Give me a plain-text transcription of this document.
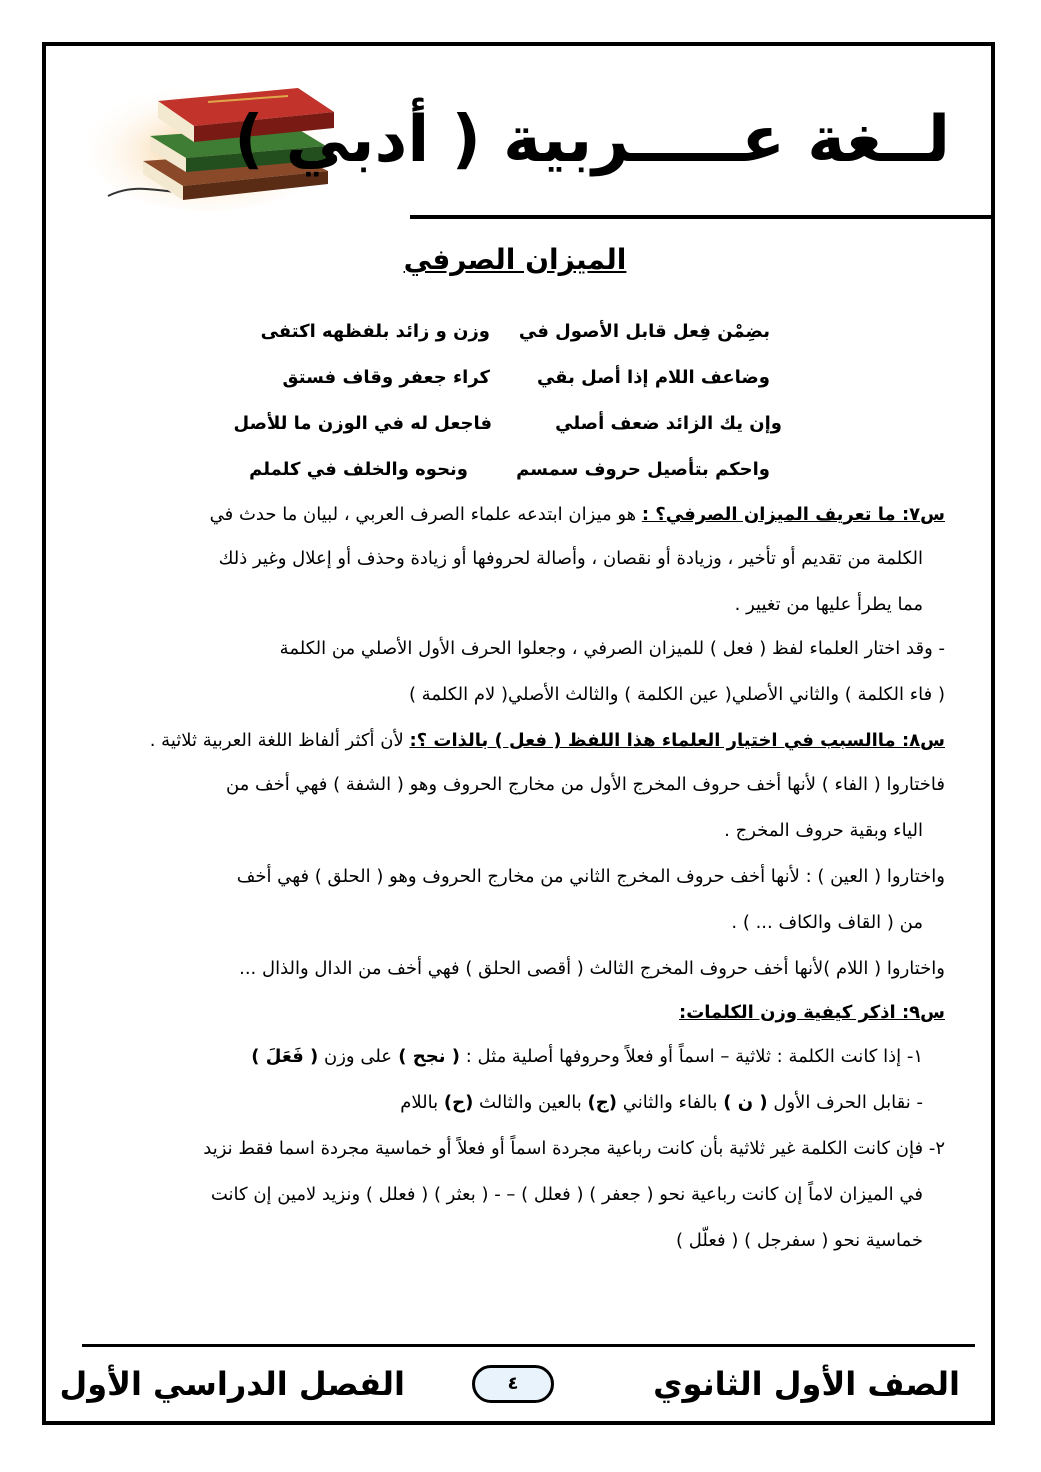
لــغة عـــــربية ( أدبي )
الميزان الصرفي
بضِمْن فِعل قابل الأصول في
وزن و زائد بلفظهه اكتفى
وضاعف اللام إذا أصل بقي
كراء جعفر وقاف فستق
وإن يك الزائد ضعف أصلي
فاجعل له في الوزن ما للأصل
واحكم بتأصيل حروف سمسم
ونحوه والخلف في كلملم
س٧: ما تعريف الميزان الصرفي؟ : هو ميزان ابتدعه علماء الصرف العربي ، لبيان ما حدث في
الكلمة من تقديم أو تأخير ، وزيادة أو نقصان ، وأصالة لحروفها أو زيادة وحذف أو إعلال وغير ذلك
مما يطرأ عليها من تغيير .
- وقد اختار العلماء لفظ ( فعل ) للميزان الصرفي ، وجعلوا الحرف الأول الأصلي من الكلمة
( فاء الكلمة ) والثاني الأصلي( عين الكلمة ) والثالث الأصلي( لام الكلمة )
س٨: ماالسبب في اختيار العلماء هذا اللفظ ( فعل ) بالذات ؟: لأن أكثر ألفاظ اللغة العربية ثلاثية .
فاختاروا ( الفاء ) لأنها أخف حروف المخرج الأول من مخارج الحروف وهو ( الشفة ) فهي أخف من
الياء وبقية حروف المخرج .
واختاروا ( العين ) : لأنها أخف حروف المخرج الثاني من مخارج الحروف وهو ( الحلق ) فهي أخف
من ( القاف والكاف ... ) .
واختاروا ( اللام )لأنها أخف حروف المخرج الثالث ( أقصى الحلق ) فهي أخف من الدال والذال ...
س٩: اذكر كيفية وزن الكلمات:
١- إذا كانت الكلمة : ثلاثية – اسماً أو فعلاً وحروفها أصلية مثل : ( نجح ) على وزن ( فَعَلَ )
- نقابل الحرف الأول ( ن ) بالفاء والثاني (ج) بالعين والثالث (ح) باللام
٢- فإن كانت الكلمة غير ثلاثية بأن كانت رباعية مجردة اسماً أو فعلاً أو خماسية مجردة اسما فقط نزيد
في الميزان لاماً إن كانت رباعية نحو ( جعفر ) ( فعلل ) – - ( بعثر ) ( فعلل ) ونزيد لامين إن كانت
خماسية نحو ( سفرجل ) ( فعلّل )
الصف الأول الثانوي
٤
الفصل الدراسي الأول
